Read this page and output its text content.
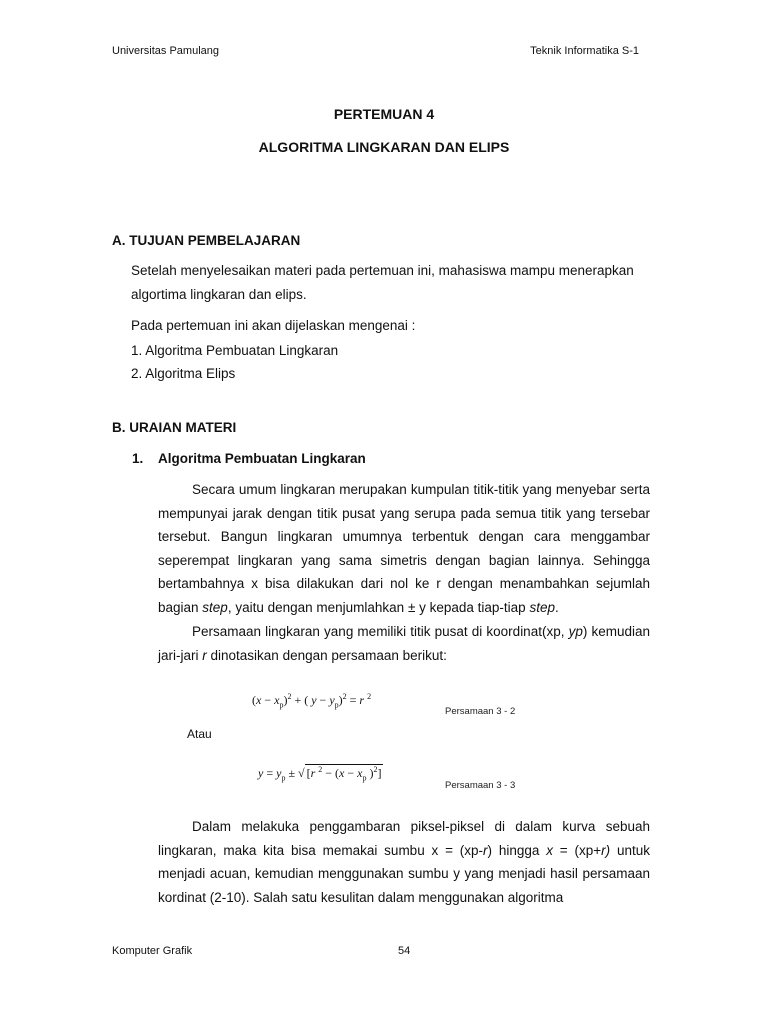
Universitas Pamulang	Teknik Informatika S-1
PERTEMUAN 4
ALGORITMA LINGKARAN DAN ELIPS
A. TUJUAN PEMBELAJARAN
Setelah menyelesaikan materi pada pertemuan ini, mahasiswa mampu menerapkan algortima lingkaran dan elips.
Pada pertemuan ini akan dijelaskan mengenai :
1. Algoritma Pembuatan Lingkaran
2. Algoritma Elips
B. URAIAN MATERI
1. Algoritma Pembuatan Lingkaran
Secara umum lingkaran merupakan kumpulan titik-titik yang menyebar serta mempunyai jarak dengan titik pusat yang serupa pada semua titik yang tersebar tersebut. Bangun lingkaran umumnya terbentuk dengan cara menggambar seperempat lingkaran yang sama simetris dengan bagian lainnya. Sehingga bertambahnya x bisa dilakukan dari nol ke r dengan menambahkan sejumlah bagian step, yaitu dengan menjumlahkan ± y kepada tiap-tiap step.
Persamaan lingkaran yang memiliki titik pusat di koordinat(xp, yp) kemudian jari-jari r dinotasikan dengan persamaan berikut:
$(x - x_p)^2$ + ( $y - y_p)^2 = r$ $^2$
Persamaan 3 - 2
Atau
$y = y_p$ ± √ [r $^2 - (x - x_p$ )$^2$]
Persamaan 3 - 3
Dalam melakuka penggambaran piksel-piksel di dalam kurva sebuah lingkaran, maka kita bisa memakai sumbu x = (xp-r) hingga x = (xp+r) untuk menjadi acuan, kemudian menggunakan sumbu y yang menjadi hasil persamaan kordinat (2-10). Salah satu kesulitan dalam menggunakan algoritma
Komputer Grafik	54
